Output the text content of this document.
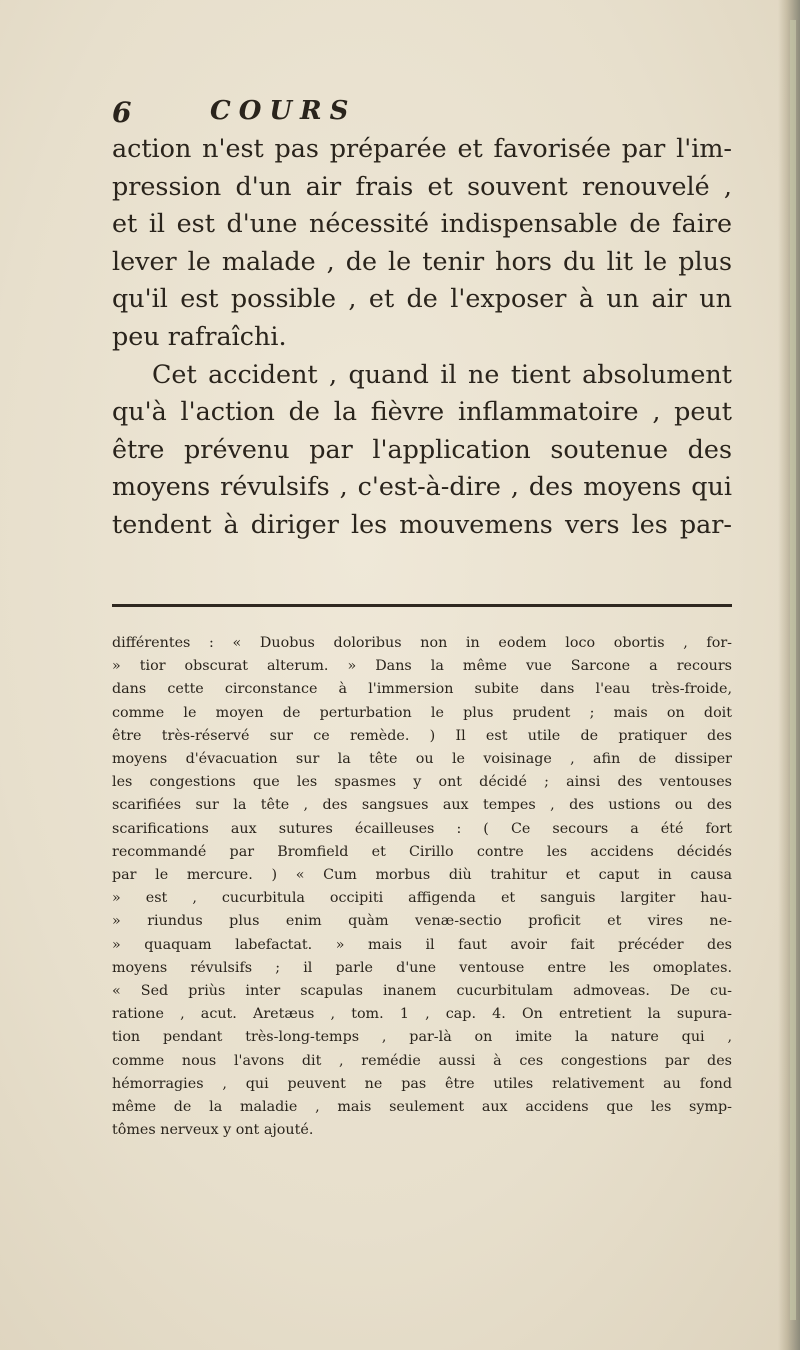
6	COURS
action n'est pas préparée et favorisée par l'im-
pression d'un air frais et souvent renouvelé ,
et il est d'une nécessité indispensable de faire
lever le malade , de le tenir hors du lit le plus
qu'il est possible , et de l'exposer à un air un
peu rafraîchi.
Cet accident , quand il ne tient absolument
qu'à l'action de la fièvre inflammatoire , peut
être prévenu par l'application soutenue des
moyens révulsifs , c'est-à-dire , des moyens qui
tendent à diriger les mouvemens vers les par-
différentes : « Duobus doloribus non in eodem loco obortis , for-
» tior obscurat alterum. » Dans la même vue Sarcone a recours
dans cette circonstance à l'immersion subite dans l'eau très-froide,
comme le moyen de perturbation le plus prudent ; mais on doit
être très-réservé sur ce remède. ) Il est utile de pratiquer des
moyens d'évacuation sur la tête ou le voisinage , afin de dissiper
les congestions que les spasmes y ont décidé ; ainsi des ventouses
scarifiées sur la tête , des sangsues aux tempes , des ustions ou des
scarifications aux sutures écailleuses : ( Ce secours a été fort
recommandé par Bromfield et Cirillo contre les accidens décidés
par le mercure. ) « Cum morbus diù trahitur et caput in causa
» est , cucurbitula occipiti affigenda et sanguis largiter hau-
» riundus plus enim quàm venæ-sectio proficit et vires ne-
» quaquam labefactat. » mais il faut avoir fait précéder des
moyens révulsifs ; il parle d'une ventouse entre les omoplates.
« Sed priùs inter scapulas inanem cucurbitulam admoveas. De cu-
ratione , acut. Aretæus , tom. 1 , cap. 4. On entretient la supura-
tion pendant très-long-temps , par-là on imite la nature qui ,
comme nous l'avons dit , remédie aussi à ces congestions par des
hémorragies , qui peuvent ne pas être utiles relativement au fond
même de la maladie , mais seulement aux accidens que les symp-
tômes nerveux y ont ajouté.
